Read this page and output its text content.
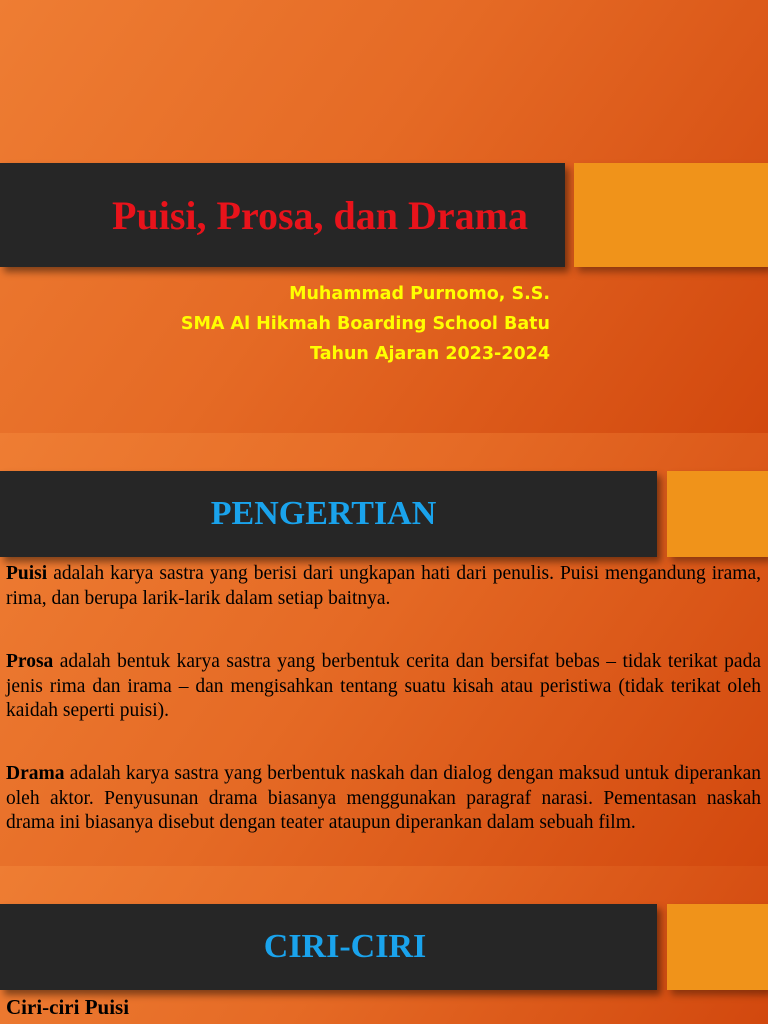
Puisi, Prosa, dan Drama
Muhammad Purnomo, S.S.
SMA Al Hikmah Boarding School Batu
Tahun Ajaran 2023-2024
PENGERTIAN

Puisi adalah karya sastra yang berisi dari ungkapan hati dari penulis. Puisi mengandung irama, rima, dan berupa larik-larik dalam setiap baitnya.

Prosa adalah bentuk karya sastra yang berbentuk cerita dan bersifat bebas – tidak terikat pada jenis rima dan irama – dan mengisahkan tentang suatu kisah atau peristiwa (tidak terikat oleh kaidah seperti puisi).

Drama adalah karya sastra yang berbentuk naskah dan dialog dengan maksud untuk diperankan oleh aktor. Penyusunan drama biasanya menggunakan paragraf narasi. Pementasan naskah drama ini biasanya disebut dengan teater ataupun diperankan dalam sebuah film.

CIRI-CIRI
Ciri-ciri Puisi
